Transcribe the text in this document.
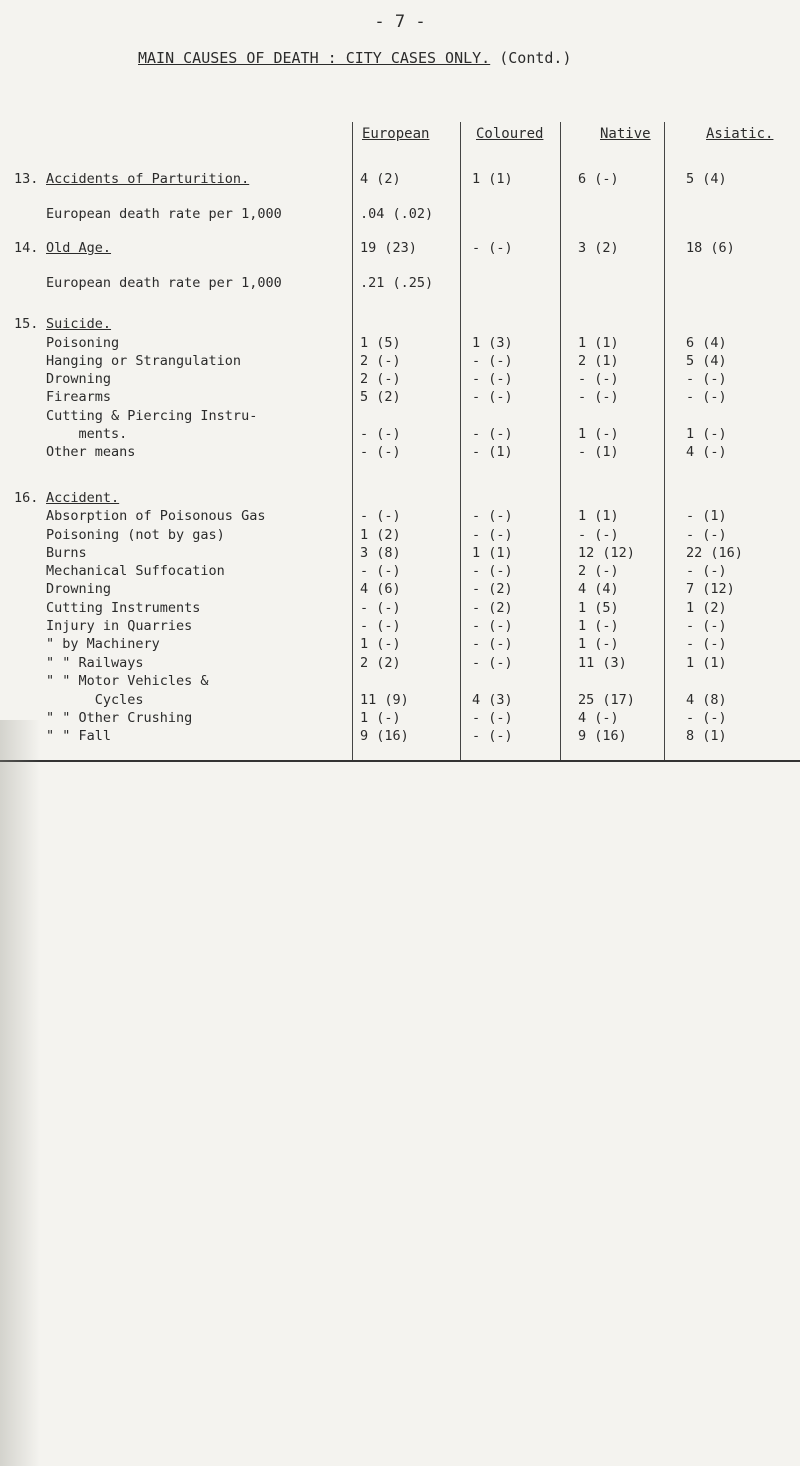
- 7 -
MAIN CAUSES OF DEATH : CITY CASES ONLY. (Contd.)
European	Coloured	Native	Asiatic.
13. Accidents of Parturition.	4 (2)	1 (1)	6 (-)	5 (4)
European death rate per 1,000	.04 (.02)
14. Old Age.	19 (23)	- (-)	3 (2)	18 (6)
European death rate per 1,000	.21 (.25)
15. Suicide.
Poisoning	1 (5)	1 (3)	1 (1)	6 (4)
Hanging or Strangulation	2 (-)	- (-)	2 (1)	5 (4)
Drowning	2 (-)	- (-)	- (-)	- (-)
Firearms	5 (2)	- (-)	- (-)	- (-)
Cutting & Piercing Instru-
ments.	- (-)	- (-)	1 (-)	1 (-)
Other means	- (-)	- (1)	- (1)	4 (-)
16. Accident.
Absorption of Poisonous Gas	- (-)	- (-)	1 (1)	- (1)
Poisoning (not by gas)	1 (2)	- (-)	- (-)	- (-)
Burns	3 (8)	1 (1)	12 (12)	22 (16)
Mechanical Suffocation	- (-)	- (-)	2 (-)	- (-)
Drowning	4 (6)	- (2)	4 (4)	7 (12)
Cutting Instruments	- (-)	- (2)	1 (5)	1 (2)
Injury in Quarries	- (-)	- (-)	1 (-)	- (-)
" by Machinery	1 (-)	- (-)	1 (-)	- (-)
" " Railways	2 (2)	- (-)	11 (3)	1 (1)
" " Motor Vehicles &
Cycles	11 (9)	4 (3)	25 (17)	4 (8)
" " Other Crushing	1 (-)	- (-)	4 (-)	- (-)
" " Fall	9 (16)	- (-)	9 (16)	8 (1)
